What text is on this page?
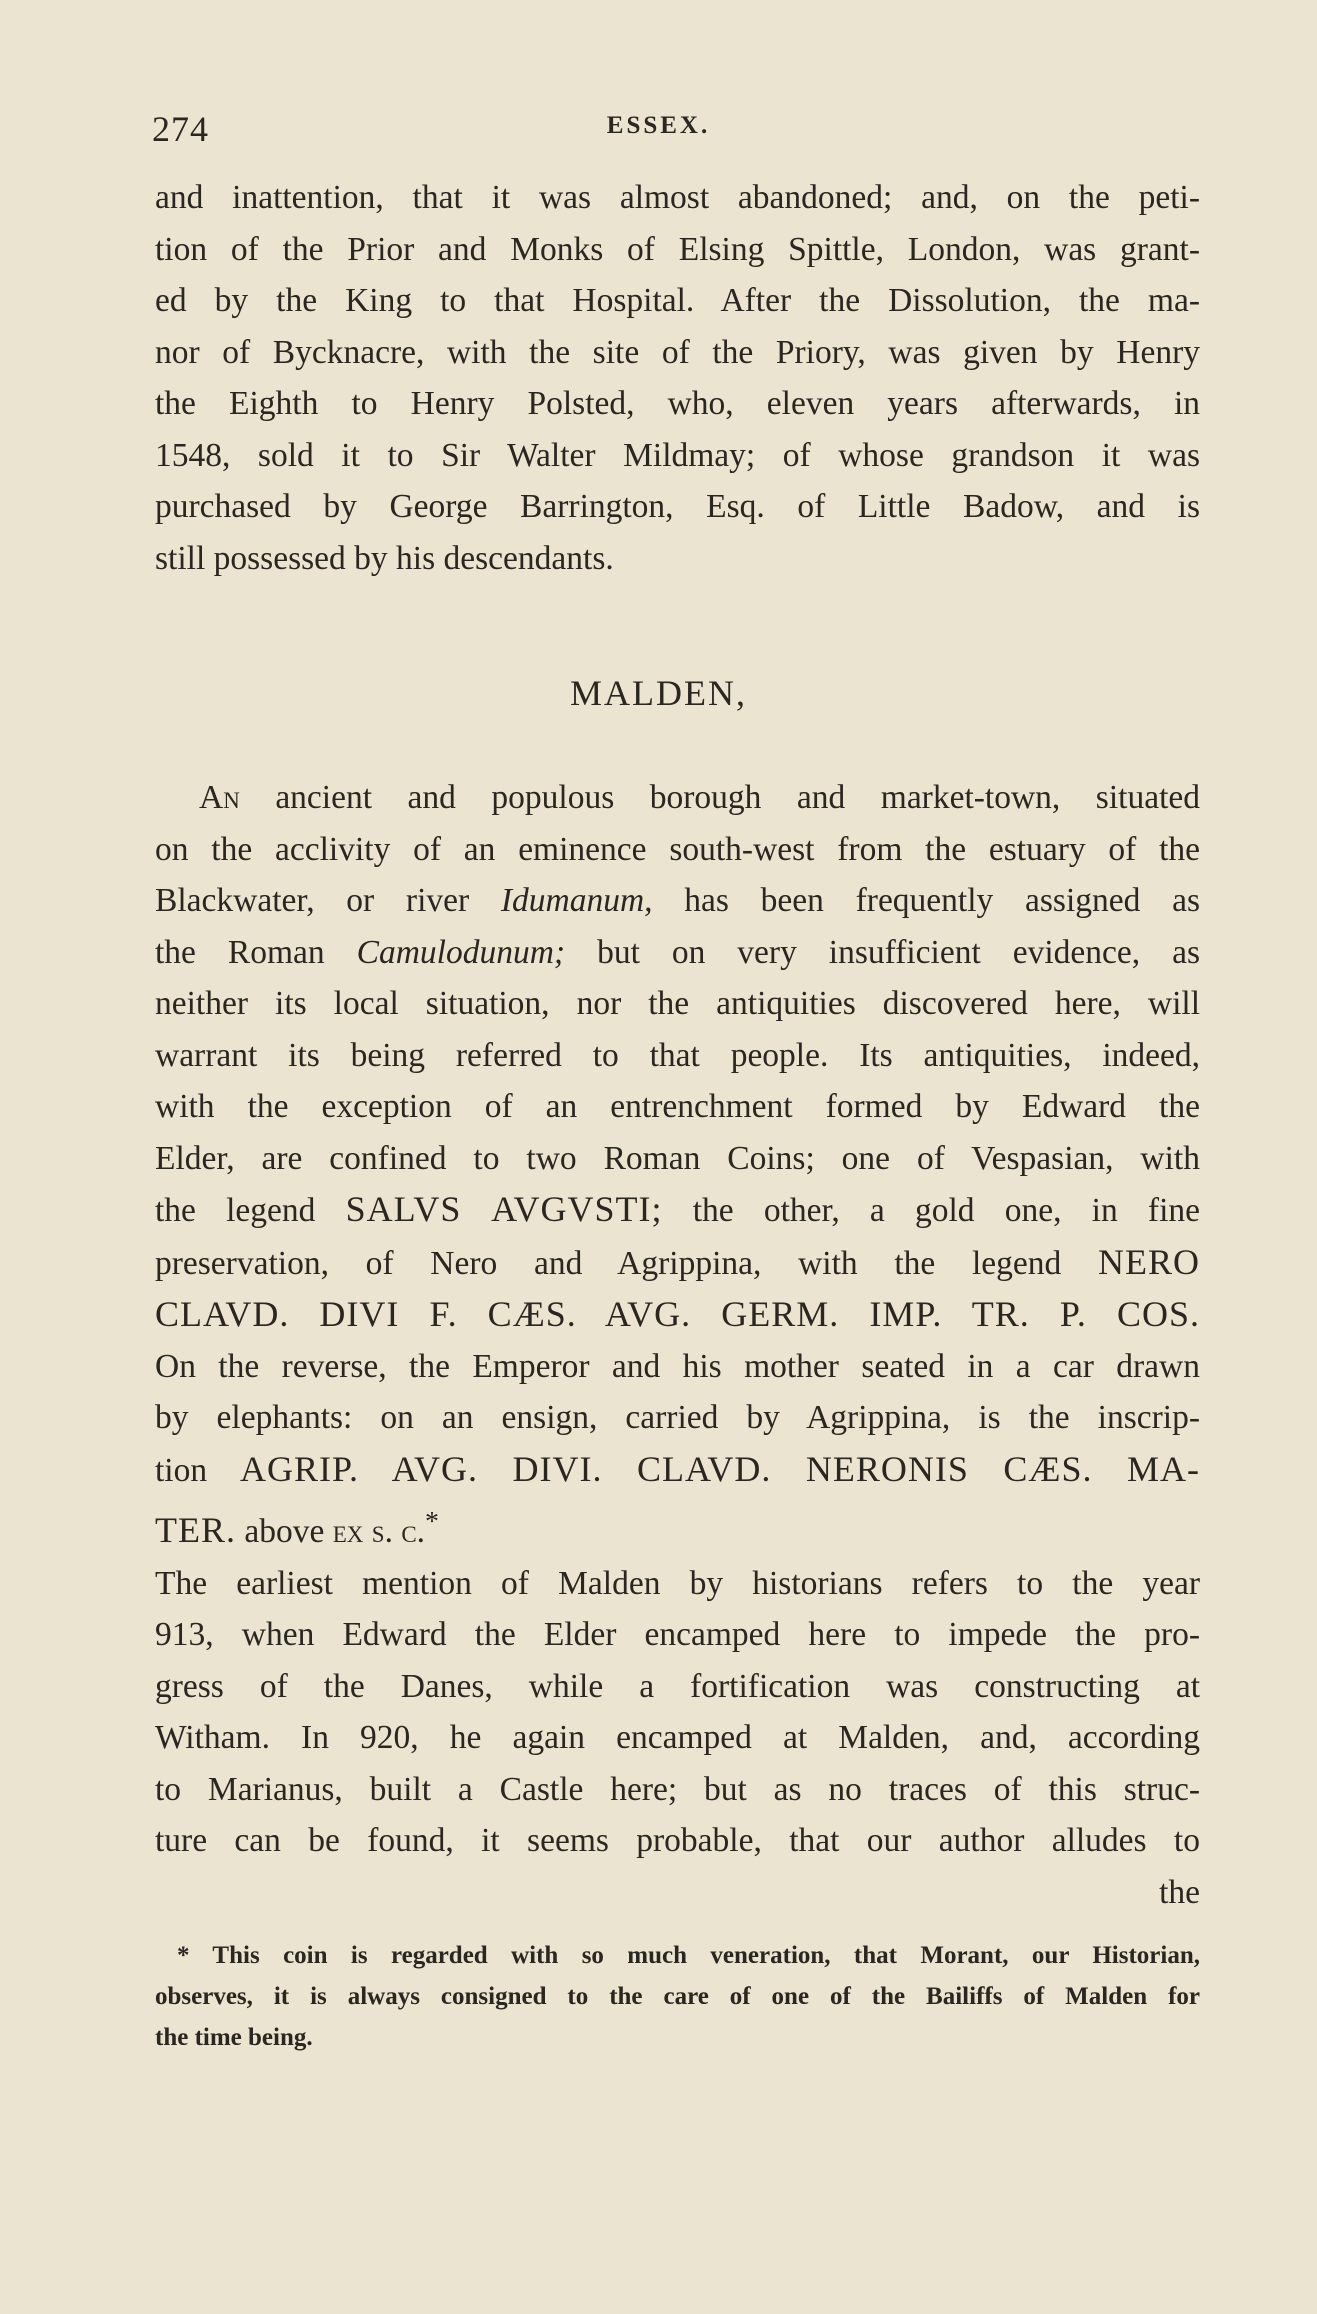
274	ESSEX.
and inattention, that it was almost abandoned; and, on the peti-
tion of the Prior and Monks of Elsing Spittle, London, was grant-
ed by the King to that Hospital. After the Dissolution, the ma-
nor of Bycknacre, with the site of the Priory, was given by Henry
the Eighth to Henry Polsted, who, eleven years afterwards, in
1548, sold it to Sir Walter Mildmay; of whose grandson it was
purchased by George Barrington, Esq. of Little Badow, and is
still possessed by his descendants.
MALDEN,
An ancient and populous borough and market-town, situated
on the acclivity of an eminence south-west from the estuary of the
Blackwater, or river Idumanum, has been frequently assigned as
the Roman Camulodunum; but on very insufficient evidence, as
neither its local situation, nor the antiquities discovered here, will
warrant its being referred to that people. Its antiquities, indeed,
with the exception of an entrenchment formed by Edward the
Elder, are confined to two Roman Coins; one of Vespasian, with
the legend SALVS AVGVSTI; the other, a gold one, in fine
preservation, of Nero and Agrippina, with the legend NERO
CLAVD. DIVI F. CÆS. AVG. GERM. IMP. TR. P. COS.
On the reverse, the Emperor and his mother seated in a car drawn
by elephants: on an ensign, carried by Agrippina, is the inscrip-
tion AGRIP. AVG. DIVI. CLAVD. NERONIS CÆS. MA-
TER. above ex s. c.*
The earliest mention of Malden by historians refers to the year
913, when Edward the Elder encamped here to impede the pro-
gress of the Danes, while a fortification was constructing at
Witham. In 920, he again encamped at Malden, and, according
to Marianus, built a Castle here; but as no traces of this struc-
ture can be found, it seems probable, that our author alludes to
the
* This coin is regarded with so much veneration, that Morant, our Historian,
observes, it is always consigned to the care of one of the Bailiffs of Malden for
the time being.
